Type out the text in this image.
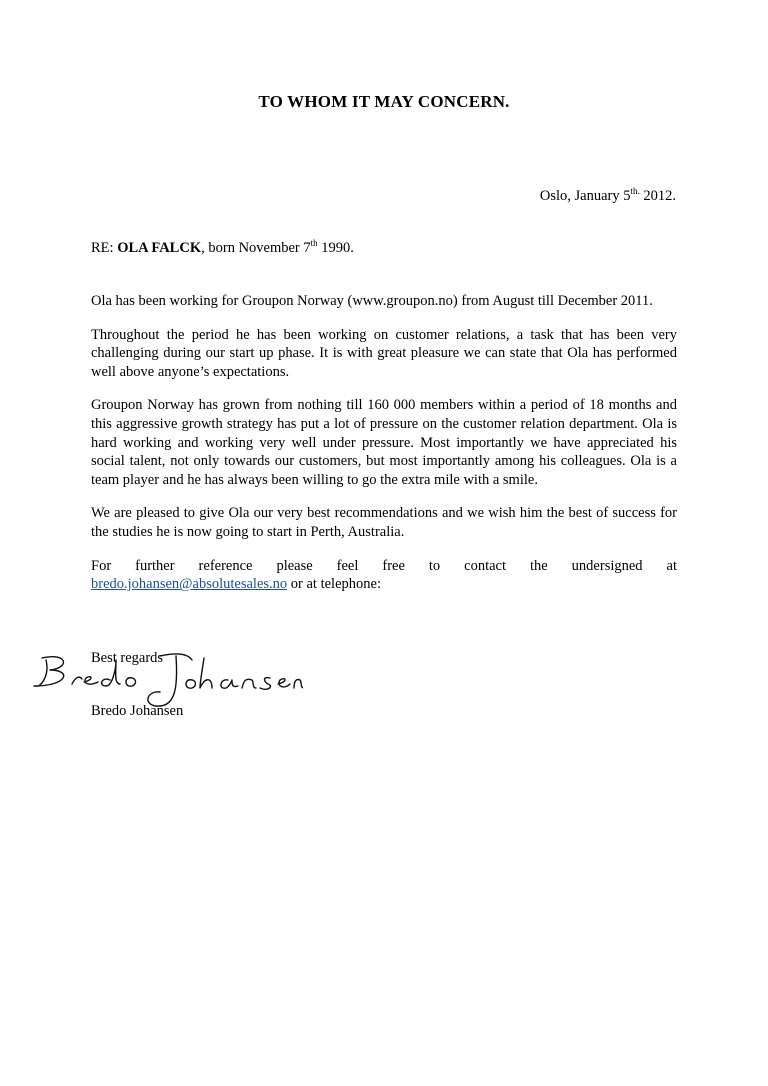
TO WHOM IT MAY CONCERN.
Oslo, January $5^{th.}$ 2012.
RE: OLA FALCK, born November 7th 1990.

Ola has been working for Groupon Norway (www.groupon.no) from August till December 2011.

Throughout the period he has been working on customer relations, a task that has been very challenging during our start up phase. It is with great pleasure we can state that Ola has performed well above anyone’s expectations.

Groupon Norway has grown from nothing till 160 000 members within a period of 18 months and this aggressive growth strategy has put a lot of pressure on the customer relation department. Ola is hard working and working very well under pressure. Most importantly we have appreciated his social talent, not only towards our customers, but most importantly among his colleagues. Ola is a team player and he has always been willing to go the extra mile with a smile.

We are pleased to give Ola our very best recommendations and we wish him the best of success for the studies he is now going to start in Perth, Australia.

For further reference please feel free to contact the undersigned at
bredo.johansen@absolutesales.no or at telephone:

Best regards
Bredo Johansen
